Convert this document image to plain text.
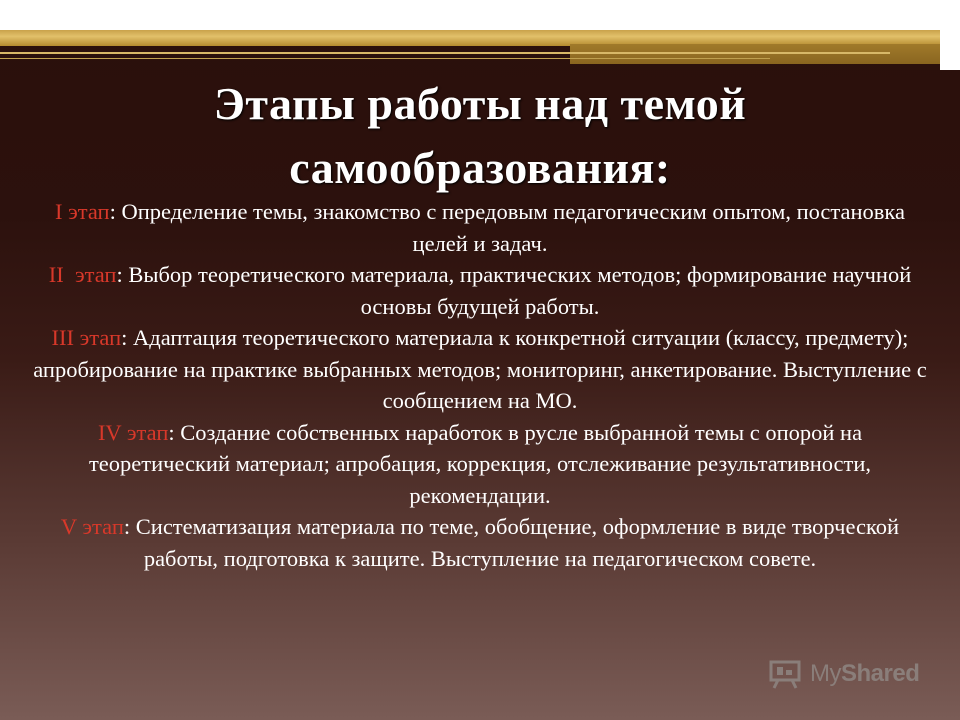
Этапы работы над темой
самообразования:
I этап: Определение темы, знакомство с передовым педагогическим опытом, постановка целей и задач.
II  этап: Выбор теоретического материала, практических методов; формирование научной основы будущей работы.
III этап: Адаптация теоретического материала к конкретной ситуации (классу, предмету); апробирование на практике выбранных методов; мониторинг, анкетирование. Выступление с сообщением на МО.
IV этап: Создание собственных наработок в русле выбранной темы с опорой на теоретический материал; апробация, коррекция, отслеживание результативности, рекомендации.
V этап: Систематизация материала по теме, обобщение, оформление в виде творческой работы, подготовка к защите. Выступление на педагогическом совете.
MyShared
